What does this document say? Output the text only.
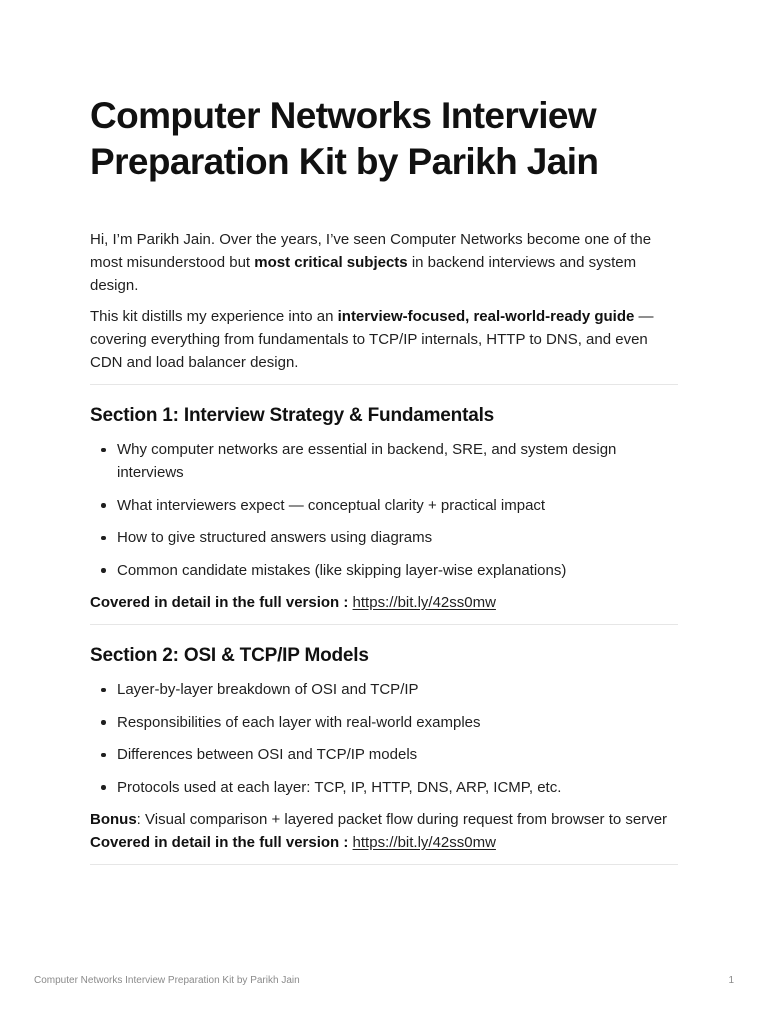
Computer Networks Interview Preparation Kit by Parikh Jain

Hi, I’m Parikh Jain. Over the years, I’ve seen Computer Networks become one of the most misunderstood but most critical subjects in backend interviews and system design.

This kit distills my experience into an interview-focused, real-world-ready guide — covering everything from fundamentals to TCP/IP internals, HTTP to DNS, and even CDN and load balancer design.

Section 1: Interview Strategy & Fundamentals
Why computer networks are essential in backend, SRE, and system design interviews
What interviewers expect — conceptual clarity + practical impact
How to give structured answers using diagrams
Common candidate mistakes (like skipping layer-wise explanations)

Covered in detail in the full version : https://bit.ly/42ss0mw

Section 2: OSI & TCP/IP Models
Layer-by-layer breakdown of OSI and TCP/IP
Responsibilities of each layer with real-world examples
Differences between OSI and TCP/IP models
Protocols used at each layer: TCP, IP, HTTP, DNS, ARP, ICMP, etc.

Bonus: Visual comparison + layered packet flow during request from browser to server

Covered in detail in the full version : https://bit.ly/42ss0mw

Computer Networks Interview Preparation Kit by Parikh Jain	1
